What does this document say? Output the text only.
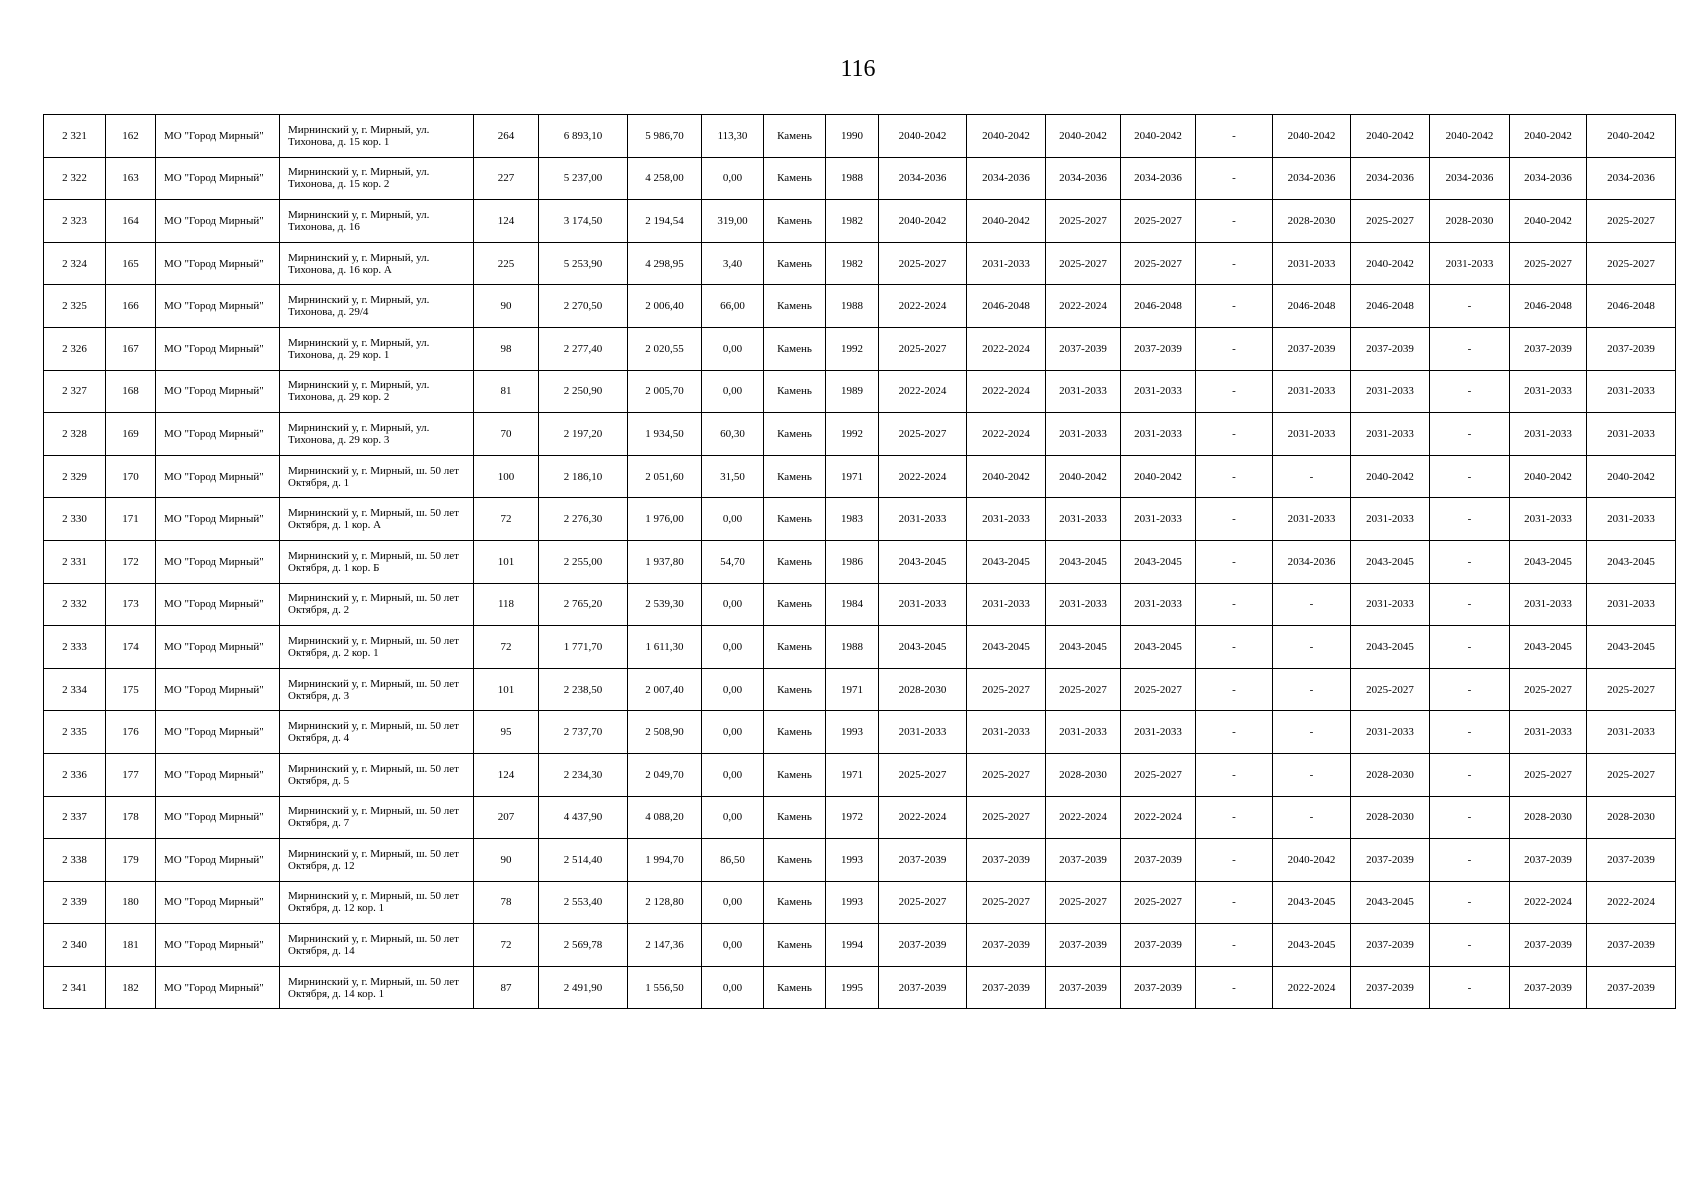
116
2 321	162	МО "Город Мирный"	Мирнинский у, г. Мирный, ул. Тихонова, д. 15 кор. 1	264	6 893,10	5 986,70	113,30	Камень	1990	2040-2042	2040-2042	2040-2042	2040-2042	-	2040-2042	2040-2042	2040-2042	2040-2042	2040-2042
2 322	163	МО "Город Мирный"	Мирнинский у, г. Мирный, ул. Тихонова, д. 15 кор. 2	227	5 237,00	4 258,00	0,00	Камень	1988	2034-2036	2034-2036	2034-2036	2034-2036	-	2034-2036	2034-2036	2034-2036	2034-2036	2034-2036
2 323	164	МО "Город Мирный"	Мирнинский у, г. Мирный, ул. Тихонова, д. 16	124	3 174,50	2 194,54	319,00	Камень	1982	2040-2042	2040-2042	2025-2027	2025-2027	-	2028-2030	2025-2027	2028-2030	2040-2042	2025-2027
2 324	165	МО "Город Мирный"	Мирнинский у, г. Мирный, ул. Тихонова, д. 16 кор. А	225	5 253,90	4 298,95	3,40	Камень	1982	2025-2027	2031-2033	2025-2027	2025-2027	-	2031-2033	2040-2042	2031-2033	2025-2027	2025-2027
2 325	166	МО "Город Мирный"	Мирнинский у, г. Мирный, ул. Тихонова, д. 29/4	90	2 270,50	2 006,40	66,00	Камень	1988	2022-2024	2046-2048	2022-2024	2046-2048	-	2046-2048	2046-2048	-	2046-2048	2046-2048
2 326	167	МО "Город Мирный"	Мирнинский у, г. Мирный, ул. Тихонова, д. 29 кор. 1	98	2 277,40	2 020,55	0,00	Камень	1992	2025-2027	2022-2024	2037-2039	2037-2039	-	2037-2039	2037-2039	-	2037-2039	2037-2039
2 327	168	МО "Город Мирный"	Мирнинский у, г. Мирный, ул. Тихонова, д. 29 кор. 2	81	2 250,90	2 005,70	0,00	Камень	1989	2022-2024	2022-2024	2031-2033	2031-2033	-	2031-2033	2031-2033	-	2031-2033	2031-2033
2 328	169	МО "Город Мирный"	Мирнинский у, г. Мирный, ул. Тихонова, д. 29 кор. 3	70	2 197,20	1 934,50	60,30	Камень	1992	2025-2027	2022-2024	2031-2033	2031-2033	-	2031-2033	2031-2033	-	2031-2033	2031-2033
2 329	170	МО "Город Мирный"	Мирнинский у, г. Мирный, ш. 50 лет Октября, д. 1	100	2 186,10	2 051,60	31,50	Камень	1971	2022-2024	2040-2042	2040-2042	2040-2042	-	-	2040-2042	-	2040-2042	2040-2042
2 330	171	МО "Город Мирный"	Мирнинский у, г. Мирный, ш. 50 лет Октября, д. 1 кор. А	72	2 276,30	1 976,00	0,00	Камень	1983	2031-2033	2031-2033	2031-2033	2031-2033	-	2031-2033	2031-2033	-	2031-2033	2031-2033
2 331	172	МО "Город Мирный"	Мирнинский у, г. Мирный, ш. 50 лет Октября, д. 1 кор. Б	101	2 255,00	1 937,80	54,70	Камень	1986	2043-2045	2043-2045	2043-2045	2043-2045	-	2034-2036	2043-2045	-	2043-2045	2043-2045
2 332	173	МО "Город Мирный"	Мирнинский у, г. Мирный, ш. 50 лет Октября, д. 2	118	2 765,20	2 539,30	0,00	Камень	1984	2031-2033	2031-2033	2031-2033	2031-2033	-	-	2031-2033	-	2031-2033	2031-2033
2 333	174	МО "Город Мирный"	Мирнинский у, г. Мирный, ш. 50 лет Октября, д. 2 кор. 1	72	1 771,70	1 611,30	0,00	Камень	1988	2043-2045	2043-2045	2043-2045	2043-2045	-	-	2043-2045	-	2043-2045	2043-2045
2 334	175	МО "Город Мирный"	Мирнинский у, г. Мирный, ш. 50 лет Октября, д. 3	101	2 238,50	2 007,40	0,00	Камень	1971	2028-2030	2025-2027	2025-2027	2025-2027	-	-	2025-2027	-	2025-2027	2025-2027
2 335	176	МО "Город Мирный"	Мирнинский у, г. Мирный, ш. 50 лет Октября, д. 4	95	2 737,70	2 508,90	0,00	Камень	1993	2031-2033	2031-2033	2031-2033	2031-2033	-	-	2031-2033	-	2031-2033	2031-2033
2 336	177	МО "Город Мирный"	Мирнинский у, г. Мирный, ш. 50 лет Октября, д. 5	124	2 234,30	2 049,70	0,00	Камень	1971	2025-2027	2025-2027	2028-2030	2025-2027	-	-	2028-2030	-	2025-2027	2025-2027
2 337	178	МО "Город Мирный"	Мирнинский у, г. Мирный, ш. 50 лет Октября, д. 7	207	4 437,90	4 088,20	0,00	Камень	1972	2022-2024	2025-2027	2022-2024	2022-2024	-	-	2028-2030	-	2028-2030	2028-2030
2 338	179	МО "Город Мирный"	Мирнинский у, г. Мирный, ш. 50 лет Октября, д. 12	90	2 514,40	1 994,70	86,50	Камень	1993	2037-2039	2037-2039	2037-2039	2037-2039	-	2040-2042	2037-2039	-	2037-2039	2037-2039
2 339	180	МО "Город Мирный"	Мирнинский у, г. Мирный, ш. 50 лет Октября, д. 12 кор. 1	78	2 553,40	2 128,80	0,00	Камень	1993	2025-2027	2025-2027	2025-2027	2025-2027	-	2043-2045	2043-2045	-	2022-2024	2022-2024
2 340	181	МО "Город Мирный"	Мирнинский у, г. Мирный, ш. 50 лет Октября, д. 14	72	2 569,78	2 147,36	0,00	Камень	1994	2037-2039	2037-2039	2037-2039	2037-2039	-	2043-2045	2037-2039	-	2037-2039	2037-2039
2 341	182	МО "Город Мирный"	Мирнинский у, г. Мирный, ш. 50 лет Октября, д. 14 кор. 1	87	2 491,90	1 556,50	0,00	Камень	1995	2037-2039	2037-2039	2037-2039	2037-2039	-	2022-2024	2037-2039	-	2037-2039	2037-2039
